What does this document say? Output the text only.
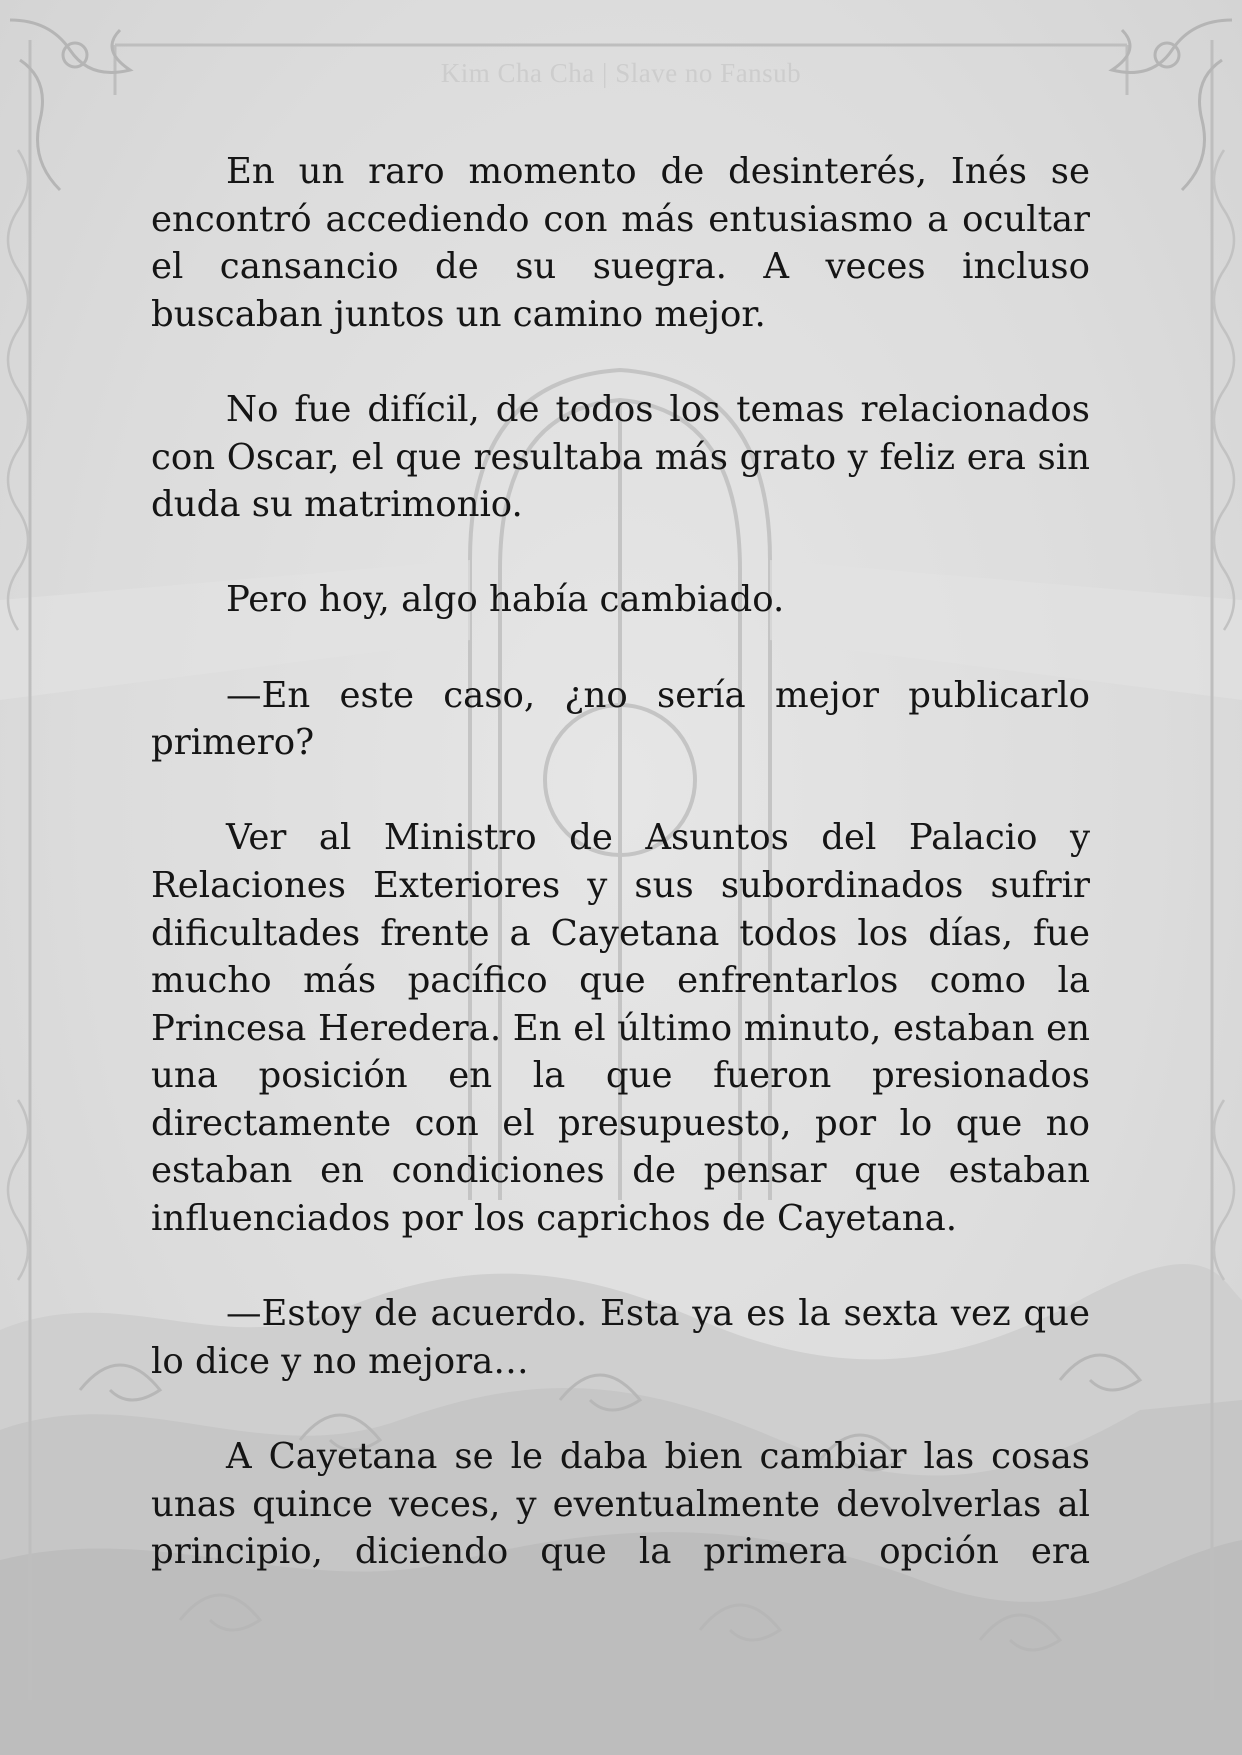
Kim Cha Cha | Slave no Fansub

En un raro momento de desinterés, Inés se encontró accediendo con más entusiasmo a ocultar el cansancio de su suegra. A veces incluso buscaban juntos un camino mejor.

No fue difícil, de todos los temas relacionados con Oscar, el que resultaba más grato y feliz era sin duda su matrimonio.

Pero hoy, algo había cambiado.

—En este caso, ¿no sería mejor publicarlo primero?

Ver al Ministro de Asuntos del Palacio y Relaciones Exteriores y sus subordinados sufrir dificultades frente a Cayetana todos los días, fue mucho más pacífico que enfrentarlos como la Princesa Heredera. En el último minuto, estaban en una posición en la que fueron presionados directamente con el presupuesto, por lo que no estaban en condiciones de pensar que estaban influenciados por los caprichos de Cayetana.

—Estoy de acuerdo. Esta ya es la sexta vez que lo dice y no mejora…

A Cayetana se le daba bien cambiar las cosas unas quince veces, y eventualmente devolverlas al principio, diciendo que la primera opción era
